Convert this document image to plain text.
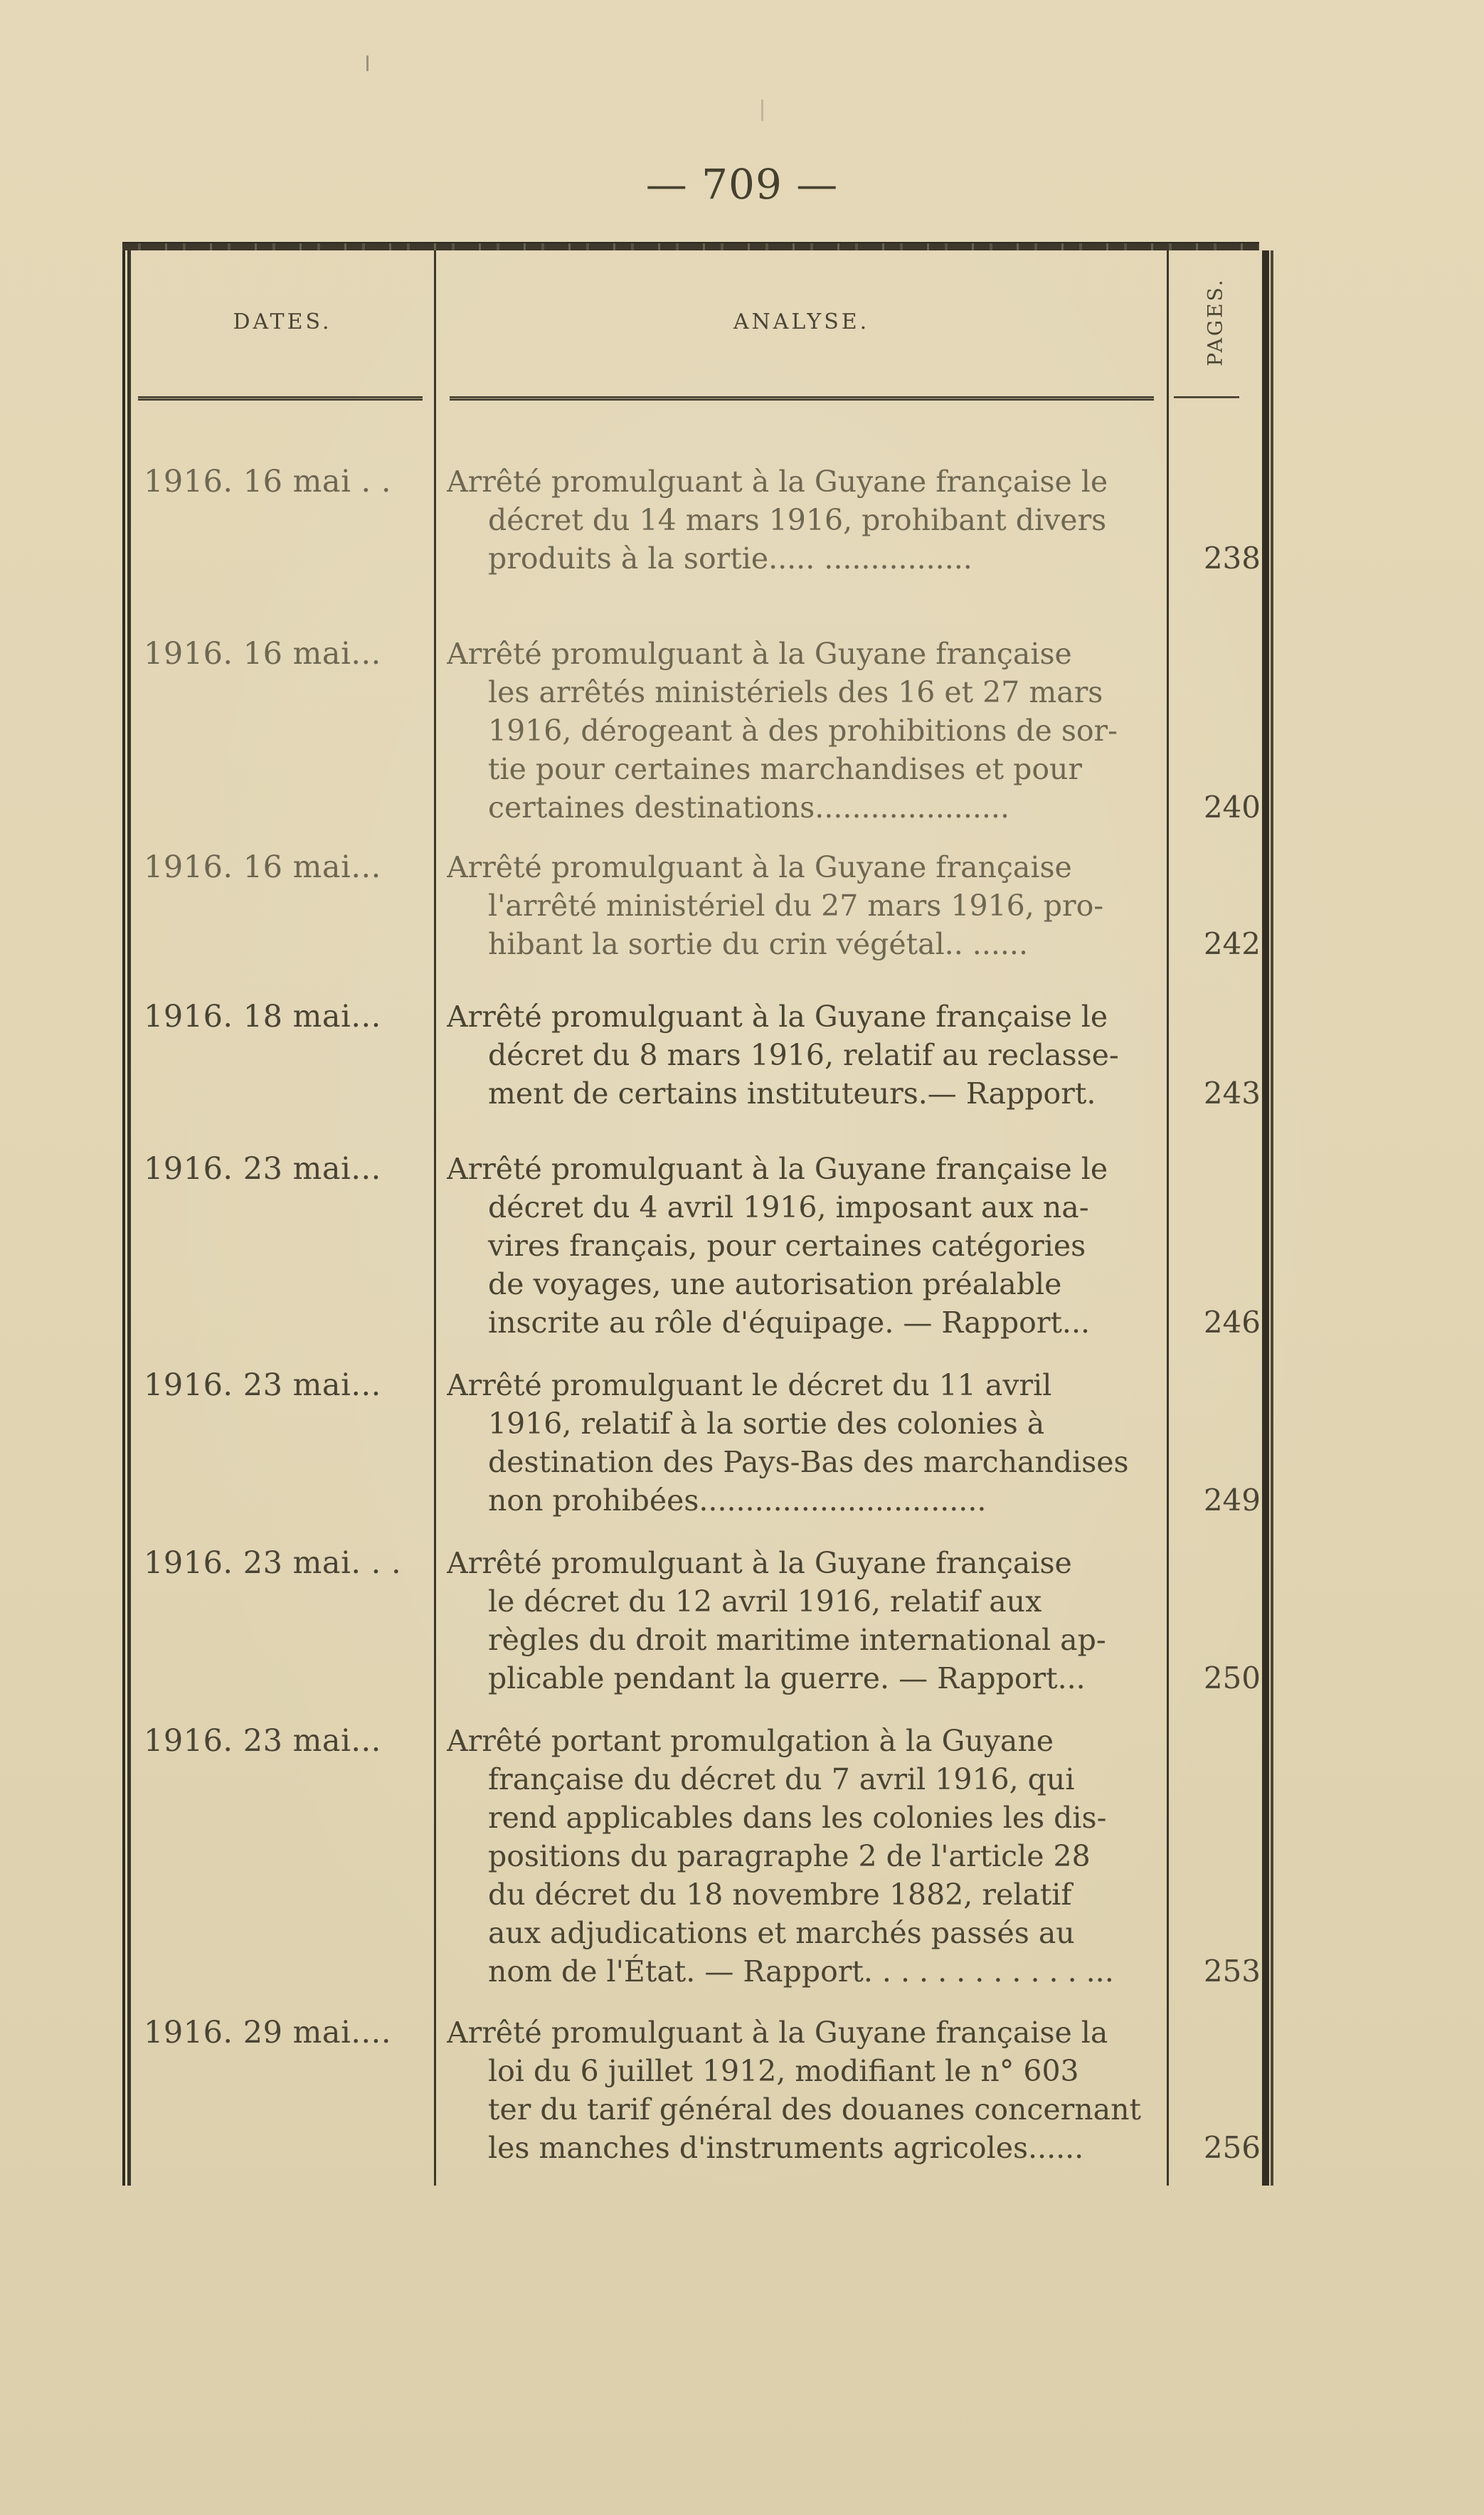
— 709 —
DATES.	ANALYSE.	PAGES.
1916. 16 mai . .	Arrêté promulguant à la Guyane française le
décret du 14 mars 1916, prohibant divers
produits à la sortie..... ................	238
1916. 16 mai...	Arrêté promulguant à la Guyane française
les arrêtés ministériels des 16 et 27 mars
1916, dérogeant à des prohibitions de sor-
tie pour certaines marchandises et pour
certaines destinations.....................	240
1916. 16 mai...	Arrêté promulguant à la Guyane française
l'arrêté ministériel du 27 mars 1916, pro-
hibant la sortie du crin végétal.. ......	242
1916. 18 mai...	Arrêté promulguant à la Guyane française le
décret du 8 mars 1916, relatif au reclasse-
ment de certains instituteurs.— Rapport.	243
1916. 23 mai...	Arrêté promulguant à la Guyane française le
décret du 4 avril 1916, imposant aux na-
vires français, pour certaines catégories
de voyages, une autorisation préalable
inscrite au rôle d'équipage. — Rapport...	246
1916. 23 mai...	Arrêté promulguant le décret du 11 avril
1916, relatif à la sortie des colonies à
destination des Pays-Bas des marchandises
non prohibées...............................	249
1916. 23 mai. . .	Arrêté promulguant à la Guyane française
le décret du 12 avril 1916, relatif aux
règles du droit maritime international ap-
plicable pendant la guerre. — Rapport...	250
1916. 23 mai...	Arrêté portant promulgation à la Guyane
française du décret du 7 avril 1916, qui
rend applicables dans les colonies les dis-
positions du paragraphe 2 de l'article 28
du décret du 18 novembre 1882, relatif
aux adjudications et marchés passés au
nom de l'État. — Rapport. . . . . . . . . . . . ...	253
1916. 29 mai....	Arrêté promulguant à la Guyane française la
loi du 6 juillet 1912, modifiant le n° 603
ter du tarif général des douanes concernant
les manches d'instruments agricoles......	256
